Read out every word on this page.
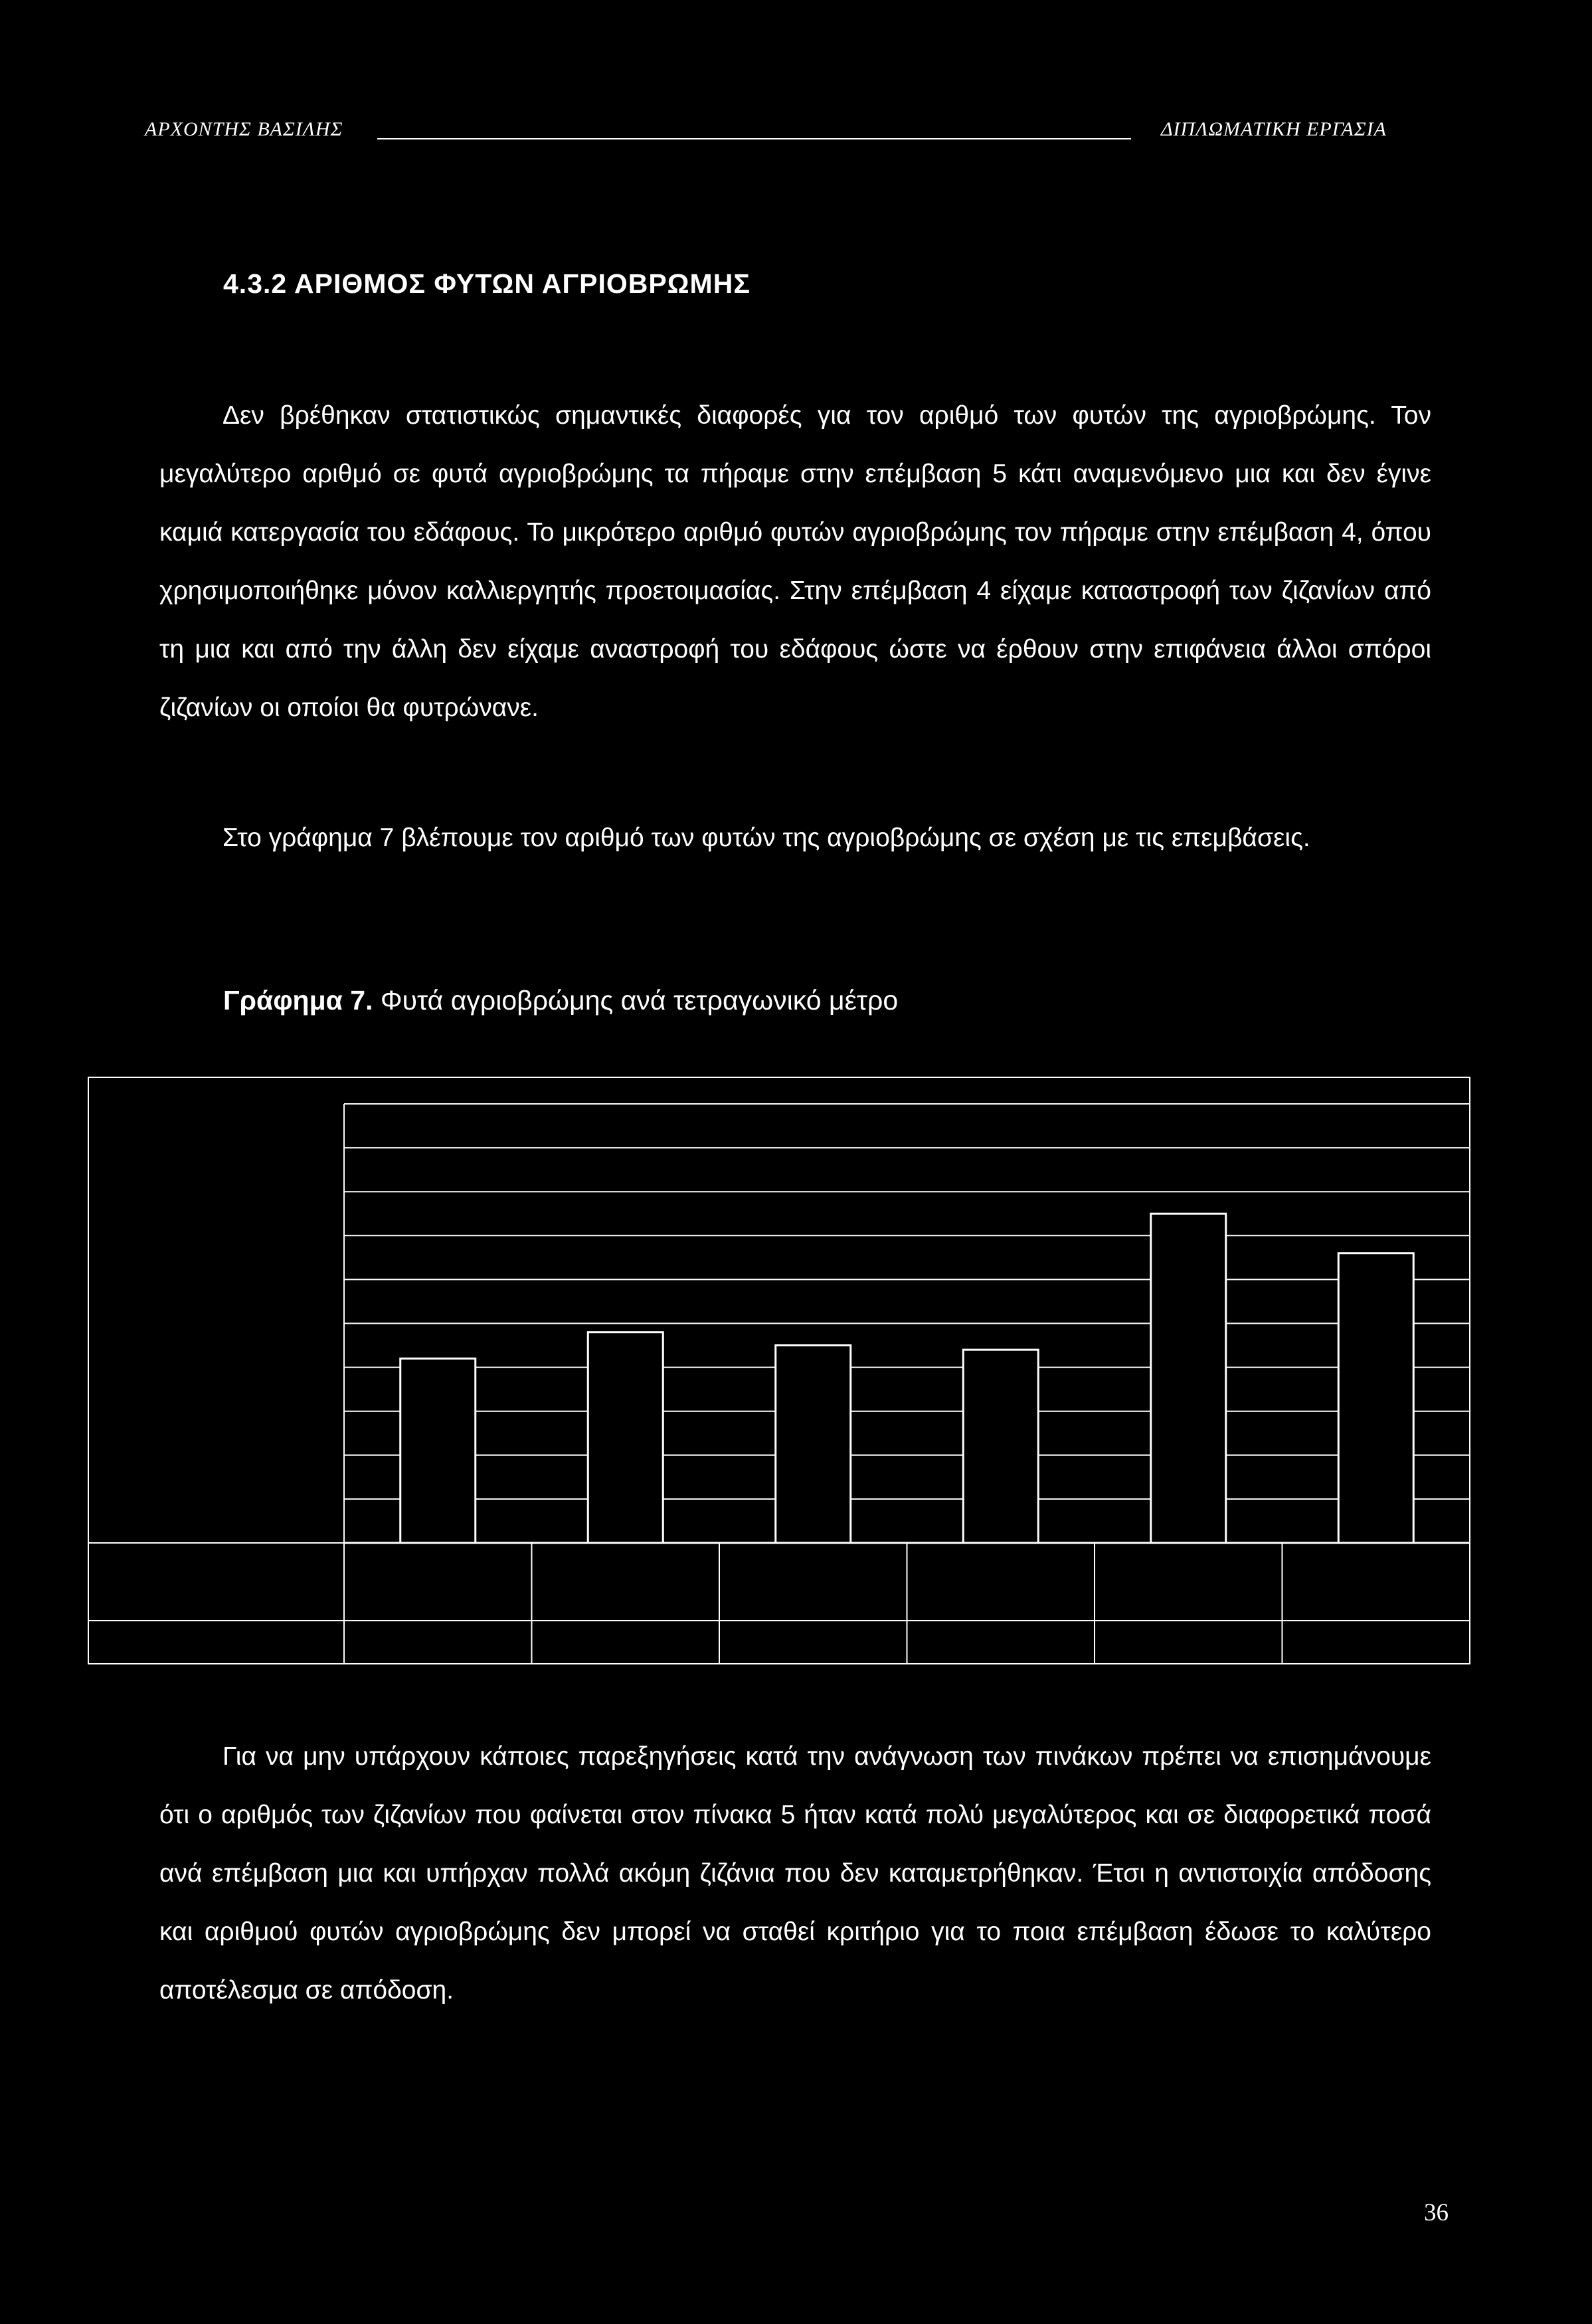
ΑΡΧΟΝΤΗΣ ΒΑΣΙΛΗΣ	ΔΙΠΛΩΜΑΤΙΚΗ ΕΡΓΑΣΙΑ
4.3.2 ΑΡΙΘΜΟΣ ΦΥΤΩΝ ΑΓΡΙΟΒΡΩΜΗΣ
Δεν βρέθηκαν στατιστικώς σημαντικές διαφορές για τον αριθμό των φυτών της αγριοβρώμης. Τον μεγαλύτερο αριθμό σε φυτά αγριοβρώμης τα πήραμε στην επέμβαση 5 κάτι αναμενόμενο μια και δεν έγινε καμιά κατεργασία του εδάφους. Το μικρότερο αριθμό φυτών αγριοβρώμης τον πήραμε στην επέμβαση 4, όπου χρησιμοποιήθηκε μόνον καλλιεργητής προετοιμασίας. Στην επέμβαση 4 είχαμε καταστροφή των ζιζανίων από τη μια και από την άλλη δεν είχαμε αναστροφή του εδάφους ώστε να έρθουν στην επιφάνεια άλλοι σπόροι ζιζανίων οι οποίοι θα φυτρώνανε.
Στο γράφημα 7 βλέπουμε τον αριθμό των φυτών της αγριοβρώμης σε σχέση με τις επεμβάσεις.
Γράφημα 7. Φυτά αγριοβρώμης ανά τετραγωνικό μέτρο
Για να μην υπάρχουν κάποιες παρεξηγήσεις κατά την ανάγνωση των πινάκων πρέπει να επισημάνουμε ότι ο αριθμός των ζιζανίων που φαίνεται στον πίνακα 5 ήταν κατά πολύ μεγαλύτερος και σε διαφορετικά ποσά ανά επέμβαση μια και υπήρχαν πολλά ακόμη ζιζάνια που δεν καταμετρήθηκαν. Έτσι η αντιστοιχία απόδοσης και αριθμού φυτών αγριοβρώμης δεν μπορεί να σταθεί κριτήριο για το ποια επέμβαση έδωσε το καλύτερο αποτέλεσμα σε απόδοση.
36
